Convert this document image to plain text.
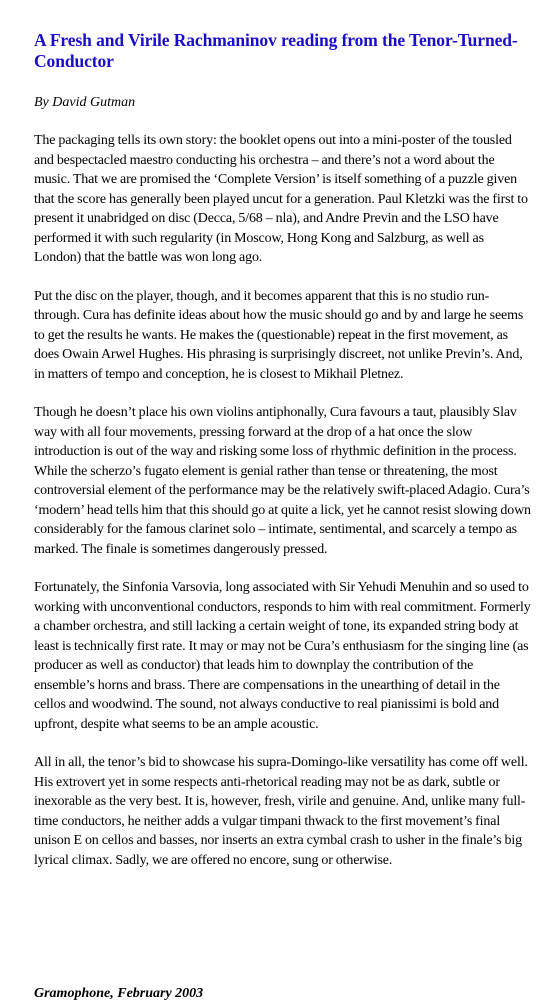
A Fresh and Virile Rachmaninov reading from the Tenor-Turned-Conductor

By David Gutman

The packaging tells its own story: the booklet opens out into a mini-poster of the tousled and bespectacled maestro conducting his orchestra – and there’s not a word about the music. That we are promised the ‘Complete Version’ is itself something of a puzzle given that the score has generally been played uncut for a generation. Paul Kletzki was the first to present it unabridged on disc (Decca, 5/68 – nla), and Andre Previn and the LSO have performed it with such regularity (in Moscow, Hong Kong and Salzburg, as well as London) that the battle was won long ago.

Put the disc on the player, though, and it becomes apparent that this is no studio run-through. Cura has definite ideas about how the music should go and by and large he seems to get the results he wants. He makes the (questionable) repeat in the first movement, as does Owain Arwel Hughes. His phrasing is surprisingly discreet, not unlike Previn’s. And, in matters of tempo and conception, he is closest to Mikhail Pletnez.

Though he doesn’t place his own violins antiphonally, Cura favours a taut, plausibly Slav way with all four movements, pressing forward at the drop of a hat once the slow introduction is out of the way and risking some loss of rhythmic definition in the process. While the scherzo’s fugato element is genial rather than tense or threatening, the most controversial element of the performance may be the relatively swift-placed Adagio. Cura’s ‘modern’ head tells him that this should go at quite a lick, yet he cannot resist slowing down considerably for the famous clarinet solo – intimate, sentimental, and scarcely a tempo as marked. The finale is sometimes dangerously pressed.

Fortunately, the Sinfonia Varsovia, long associated with Sir Yehudi Menuhin and so used to working with unconventional conductors, responds to him with real commitment. Formerly a chamber orchestra, and still lacking a certain weight of tone, its expanded string body at least is technically first rate. It may or may not be Cura’s enthusiasm for the singing line (as producer as well as conductor) that leads him to downplay the contribution of the ensemble’s horns and brass. There are compensations in the unearthing of detail in the cellos and woodwind. The sound, not always conductive to real pianissimi is bold and upfront, despite what seems to be an ample acoustic.

All in all, the tenor’s bid to showcase his supra-Domingo-like versatility has come off well. His extrovert yet in some respects anti-rhetorical reading may not be as dark, subtle or inexorable as the very best. It is, however, fresh, virile and genuine. And, unlike many full-time conductors, he neither adds a vulgar timpani thwack to the first movement’s final unison E on cellos and basses, nor inserts an extra cymbal crash to usher in the finale’s big lyrical climax. Sadly, we are offered no encore, sung or otherwise.

Gramophone, February 2003
